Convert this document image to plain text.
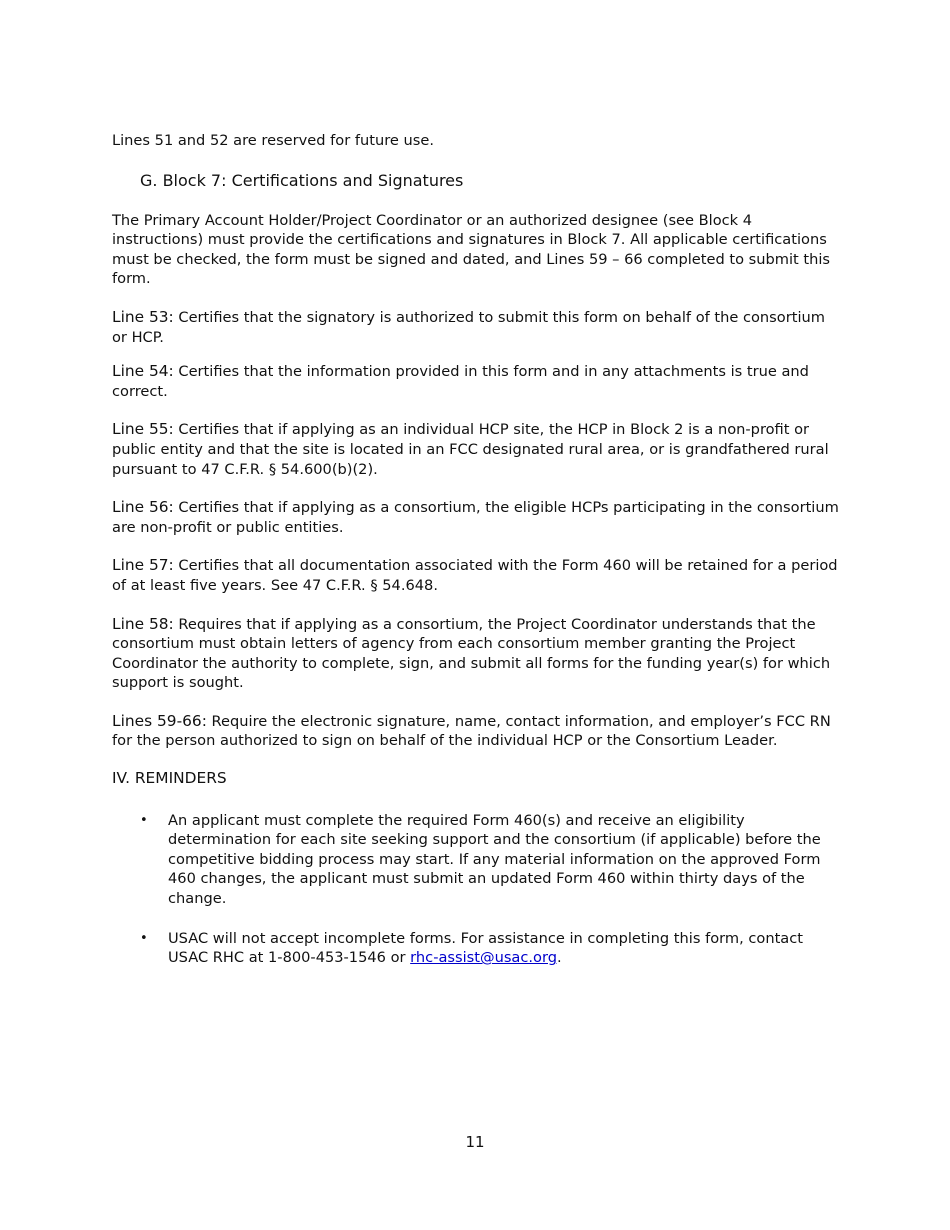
Lines 51 and 52 are reserved for future use.

G. Block 7: Certifications and Signatures

The Primary Account Holder/Project Coordinator or an authorized designee (see Block 4 instructions) must provide the certifications and signatures in Block 7. All applicable certifications must be checked, the form must be signed and dated, and Lines 59 – 66 completed to submit this form.

Line 53: Certifies that the signatory is authorized to submit this form on behalf of the consortium or HCP.

Line 54: Certifies that the information provided in this form and in any attachments is true and correct.

Line 55: Certifies that if applying as an individual HCP site, the HCP in Block 2 is a non-profit or public entity and that the site is located in an FCC designated rural area, or is grandfathered rural pursuant to 47 C.F.R. § 54.600(b)(2).

Line 56: Certifies that if applying as a consortium, the eligible HCPs participating in the consortium are non-profit or public entities.

Line 57: Certifies that all documentation associated with the Form 460 will be retained for a period of at least five years. See 47 C.F.R. § 54.648.

Line 58: Requires that if applying as a consortium, the Project Coordinator understands that the consortium must obtain letters of agency from each consortium member granting the Project Coordinator the authority to complete, sign, and submit all forms for the funding year(s) for which support is sought.

Lines 59-66: Require the electronic signature, name, contact information, and employer’s FCC RN for the person authorized to sign on behalf of the individual HCP or the Consortium Leader.

IV. REMINDERS

• An applicant must complete the required Form 460(s) and receive an eligibility determination for each site seeking support and the consortium (if applicable) before the competitive bidding process may start. If any material information on the approved Form 460 changes, the applicant must submit an updated Form 460 within thirty days of the change.
• USAC will not accept incomplete forms. For assistance in completing this form, contact USAC RHC at 1-800-453-1546 or rhc-assist@usac.org.
11
